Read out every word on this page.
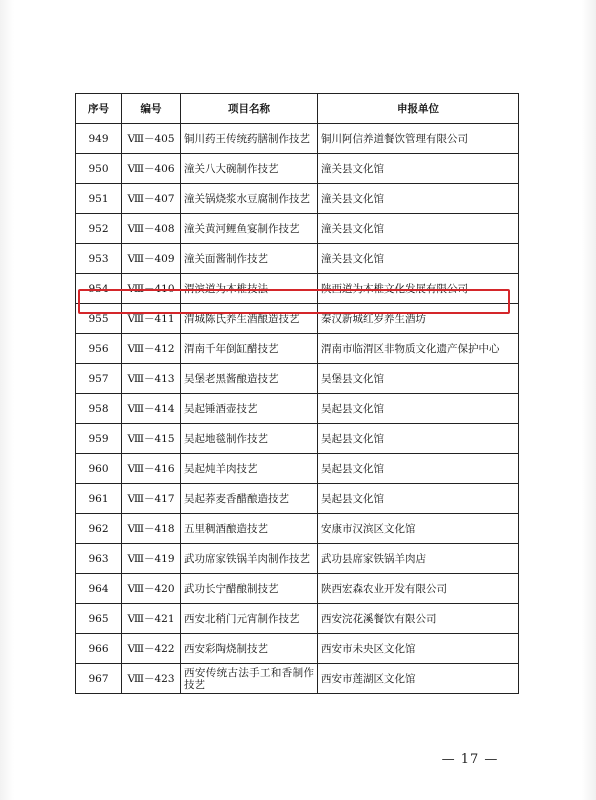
序号	编号	项目名称	申报单位
949	Ⅷ－405	铜川药王传统药膳制作技艺	铜川阿信养道餐饮管理有限公司
950	Ⅷ－406	潼关八大碗制作技艺	潼关县文化馆
951	Ⅷ－407	潼关锅烧浆水豆腐制作技艺	潼关县文化馆
952	Ⅷ－408	潼关黄河鲤鱼宴制作技艺	潼关县文化馆
953	Ⅷ－409	潼关面酱制作技艺	潼关县文化馆
954	Ⅷ－410	渭滨道为木椎技法	陕西道为木椎文化发展有限公司
955	Ⅷ－411	渭城陈氏养生酒酿造技艺	秦汉新城红岁养生酒坊
956	Ⅷ－412	渭南千年倒缸醋技艺	渭南市临渭区非物质文化遗产保护中心
957	Ⅷ－413	吴堡老黑酱酿造技艺	吴堡县文化馆
958	Ⅷ－414	吴起锤酒壶技艺	吴起县文化馆
959	Ⅷ－415	吴起地毯制作技艺	吴起县文化馆
960	Ⅷ－416	吴起炖羊肉技艺	吴起县文化馆
961	Ⅷ－417	吴起荞麦香醋酿造技艺	吴起县文化馆
962	Ⅷ－418	五里稠酒酿造技艺	安康市汉滨区文化馆
963	Ⅷ－419	武功席家铁锅羊肉制作技艺	武功县席家铁锅羊肉店
964	Ⅷ－420	武功长宁醋酿制技艺	陕西宏森农业开发有限公司
965	Ⅷ－421	西安北稍门元宵制作技艺	西安浣花溪餐饮有限公司
966	Ⅷ－422	西安彩陶烧制技艺	西安市未央区文化馆
967	Ⅷ－423	西安传统古法手工和香制作技艺	西安市莲湖区文化馆
— 17 —
